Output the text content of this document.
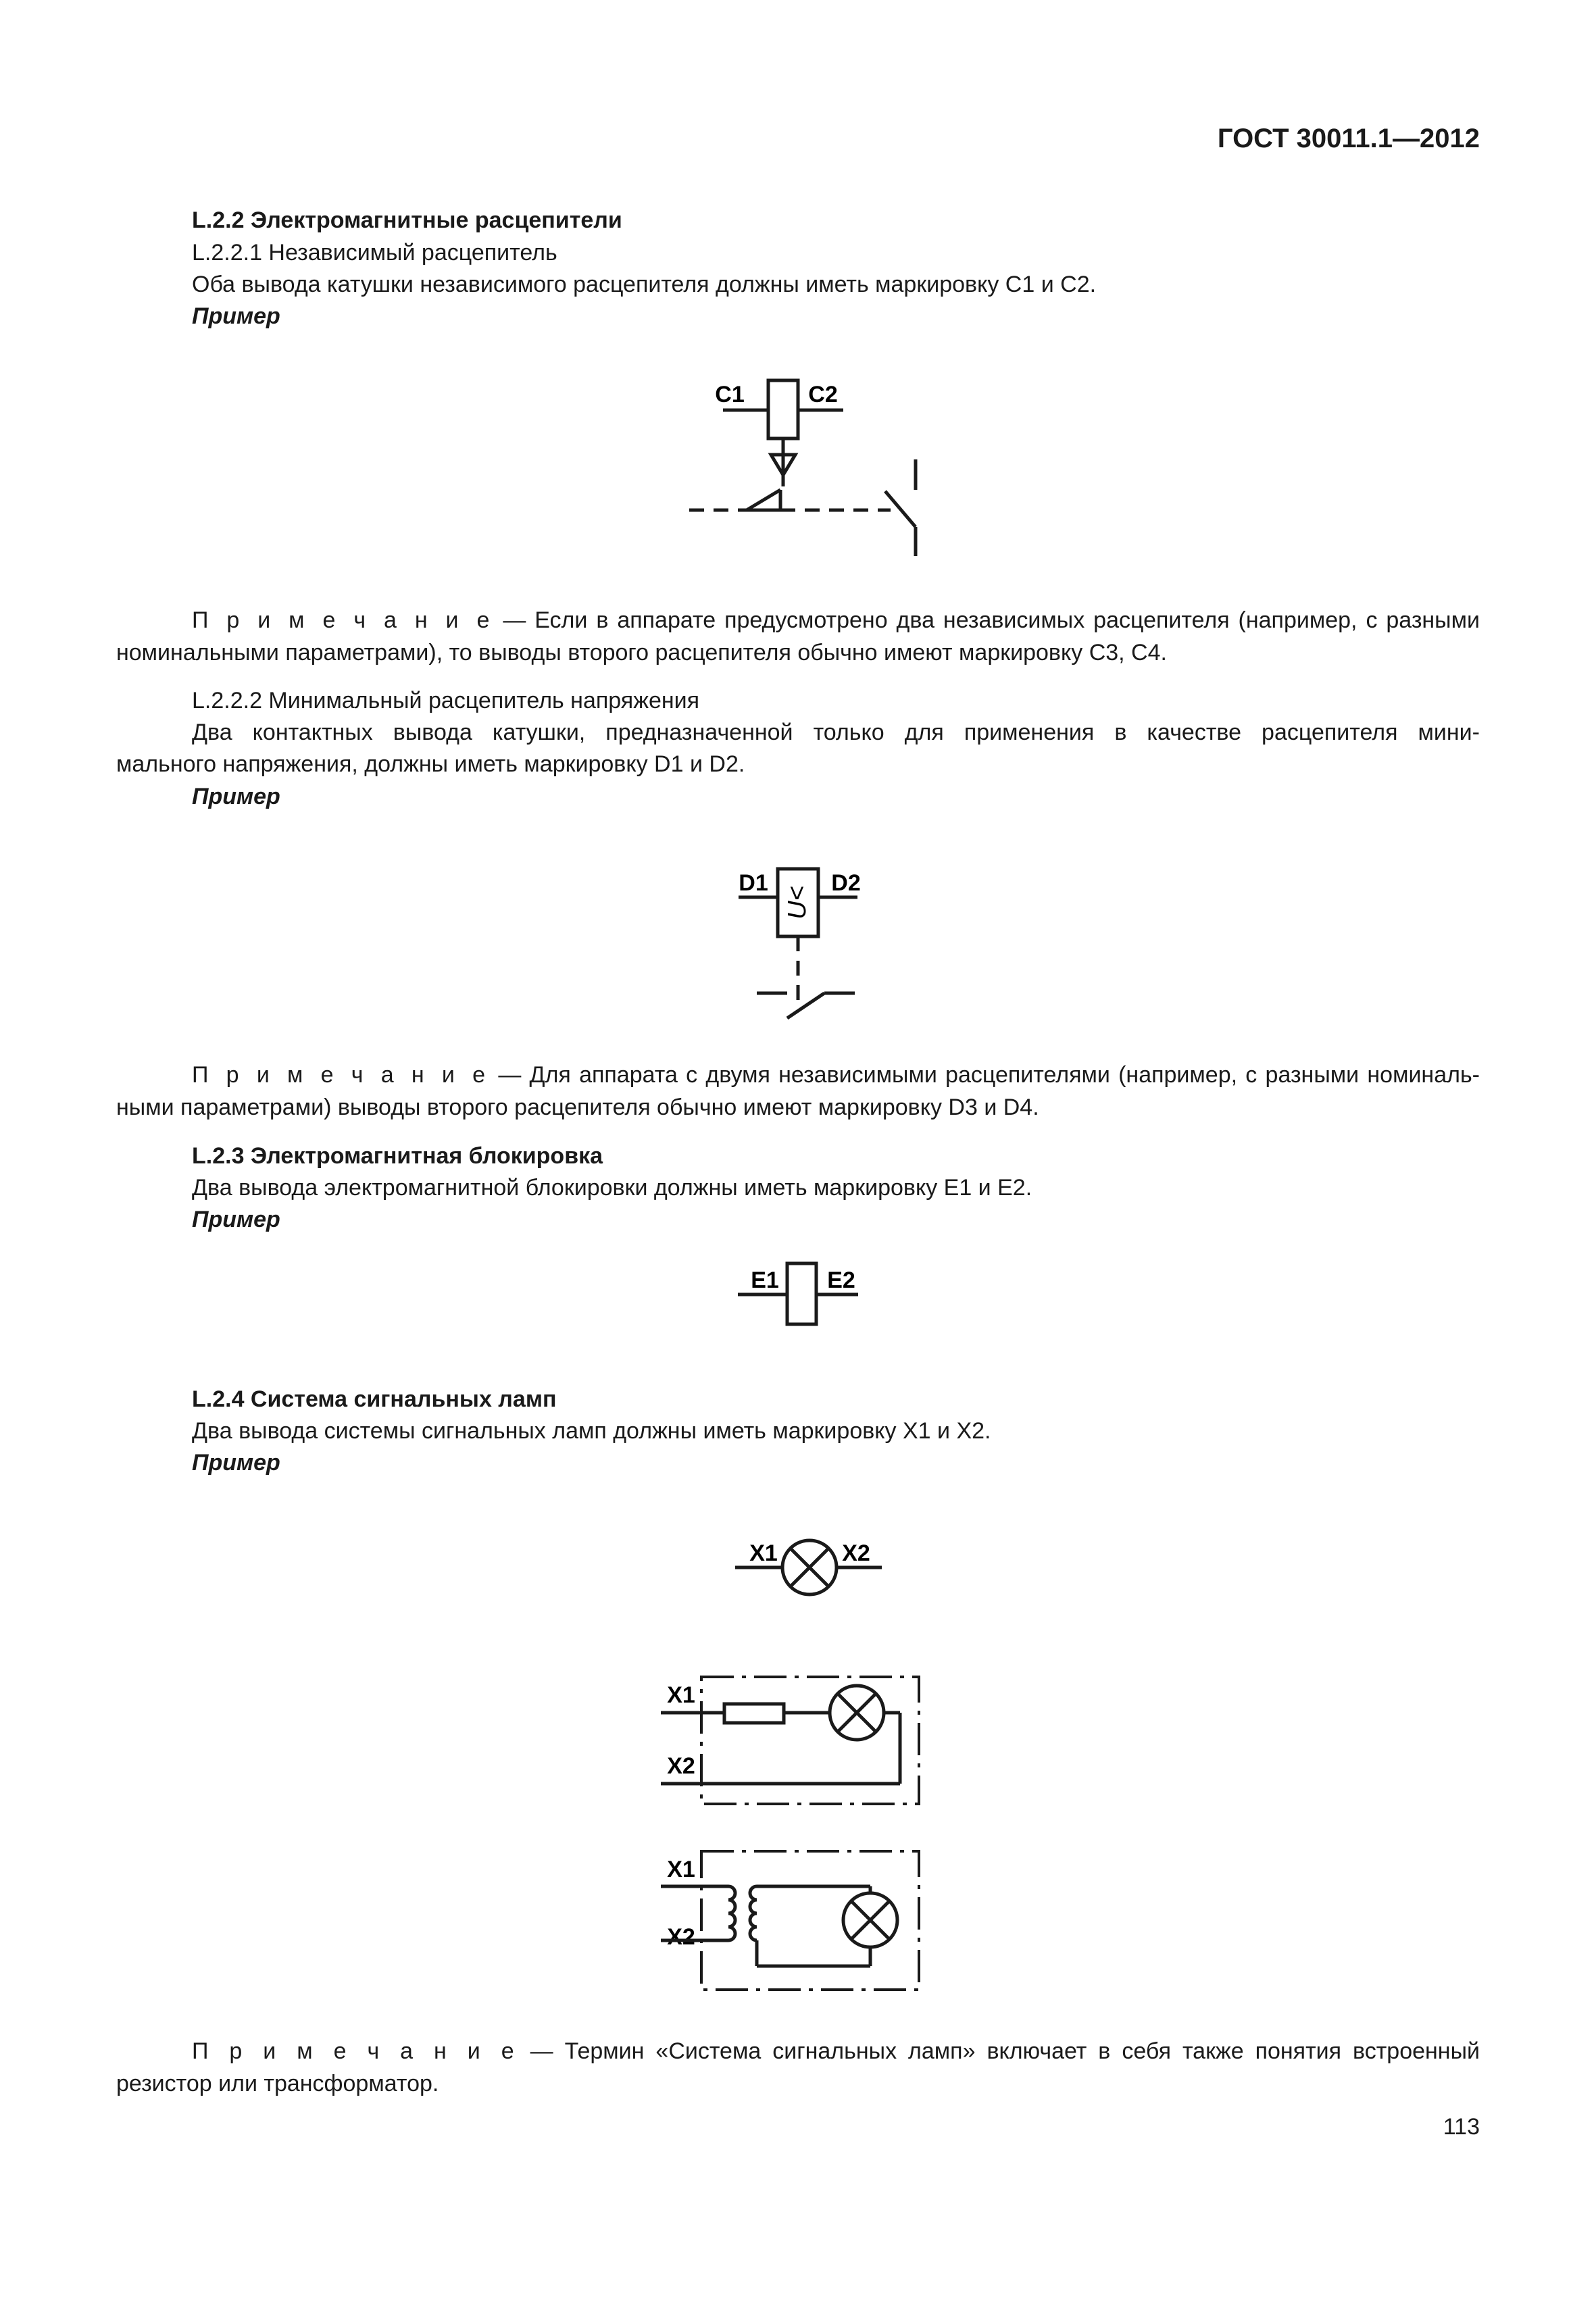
ГОСТ 30011.1—2012
L.2.2 Электромагнитные расцепители
L.2.2.1 Независимый расцепитель
Оба вывода катушки независимого расцепителя должны иметь маркировку C1 и C2.
Пример
C1	C2
П р и м е ч а н и е — Если в аппарате предусмотрено два независимых расцепителя (например, с разными
номинальными параметрами), то выводы второго расцепителя обычно имеют маркировку C3, C4.
L.2.2.2 Минимальный расцепитель напряжения
Два контактных вывода катушки, предназначенной только для применения в качестве расцепителя мини-
мального напряжения, должны иметь маркировку D1 и D2.
Пример
D1	D2
U<
П р и м е ч а н и е — Для аппарата с двумя независимыми расцепителями (например, с разными номиналь-
ными параметрами) выводы второго расцепителя обычно имеют маркировку D3 и D4.
L.2.3 Электромагнитная блокировка
Два вывода электромагнитной блокировки должны иметь маркировку E1 и E2.
Пример
E1 E2
L.2.4 Система сигнальных ламп
Два вывода системы сигнальных ламп должны иметь маркировку X1 и X2.
Пример
X1	X2
X1
X2
X1
X2
П р и м е ч а н и е — Термин «Система сигнальных ламп» включает в себя также понятия встроенный
резистор или трансформатор.
113
